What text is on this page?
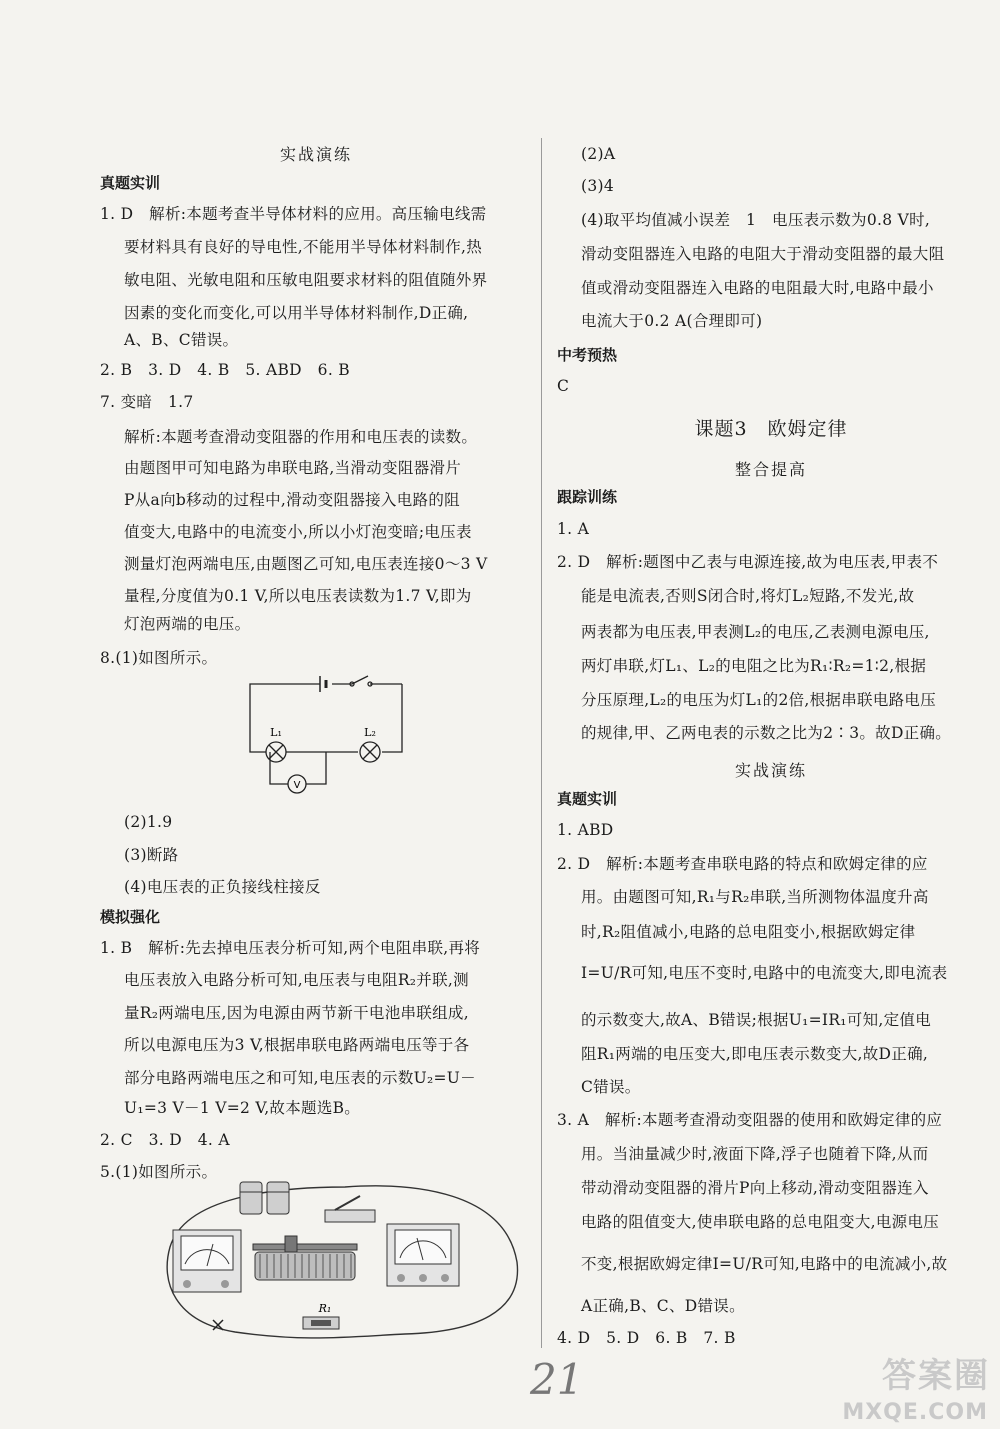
实战演练
真题实训
1. D　解析:本题考查半导体材料的应用。高压输电线需
要材料具有良好的导电性,不能用半导体材料制作,热
敏电阻、光敏电阻和压敏电阻要求材料的阻值随外界
因素的变化而变化,可以用半导体材料制作,D正确,
A、B、C错误。
2. B　3. D　4. B　5. ABD　6. B
7. 变暗　1.7
解析:本题考查滑动变阻器的作用和电压表的读数。
由题图甲可知电路为串联电路,当滑动变阻器滑片
P从a向b移动的过程中,滑动变阻器接入电路的阻
值变大,电路中的电流变小,所以小灯泡变暗;电压表
测量灯泡两端电压,由题图乙可知,电压表连接0～3 V
量程,分度值为0.1 V,所以电压表读数为1.7 V,即为
灯泡两端的电压。
8.(1)如图所示。
L₁	L₂
V
(2)1.9
(3)断路
(4)电压表的正负接线柱接反
模拟强化
1. B　解析:先去掉电压表分析可知,两个电阻串联,再将
电压表放入电路分析可知,电压表与电阻R₂并联,测
量R₂两端电压,因为电源由两节新干电池串联组成,
所以电源电压为3 V,根据串联电路两端电压等于各
部分电路两端电压之和可知,电压表的示数U₂=U－
U₁=3 V－1 V=2 V,故本题选B。
2. C　3. D　4. A
5.(1)如图所示。
R₁
(2)A
(3)4
(4)取平均值减小误差　1　电压表示数为0.8 V时,
滑动变阻器连入电路的电阻大于滑动变阻器的最大阻
值或滑动变阻器连入电路的电阻最大时,电路中最小
电流大于0.2 A(合理即可)
中考预热
C
课题3　欧姆定律
整合提高
跟踪训练
1. A
2. D　解析:题图中乙表与电源连接,故为电压表,甲表不
能是电流表,否则S闭合时,将灯L₂短路,不发光,故
两表都为电压表,甲表测L₂的电压,乙表测电源电压,
两灯串联,灯L₁、L₂的电阻之比为R₁∶R₂=1∶2,根据
分压原理,L₂的电压为灯L₁的2倍,根据串联电路电压
的规律,甲、乙两电表的示数之比为2∶3。故D正确。
实战演练
真题实训
1. ABD
2. D　解析:本题考查串联电路的特点和欧姆定律的应
用。由题图可知,R₁与R₂串联,当所测物体温度升高
时,R₂阻值减小,电路的总电阻变小,根据欧姆定律
I=U/R可知,电压不变时,电路中的电流变大,即电流表
的示数变大,故A、B错误;根据U₁=IR₁可知,定值电
阻R₁两端的电压变大,即电压表示数变大,故D正确,
C错误。
3. A　解析:本题考查滑动变阻器的使用和欧姆定律的应
用。当油量减少时,液面下降,浮子也随着下降,从而
带动滑动变阻器的滑片P向上移动,滑动变阻器连入
电路的阻值变大,使串联电路的总电阻变大,电源电压
不变,根据欧姆定律I=U/R可知,电路中的电流减小,故
A正确,B、C、D错误。
4. D　5. D　6. B　7. B
21	答案圈
MXQE.COM
